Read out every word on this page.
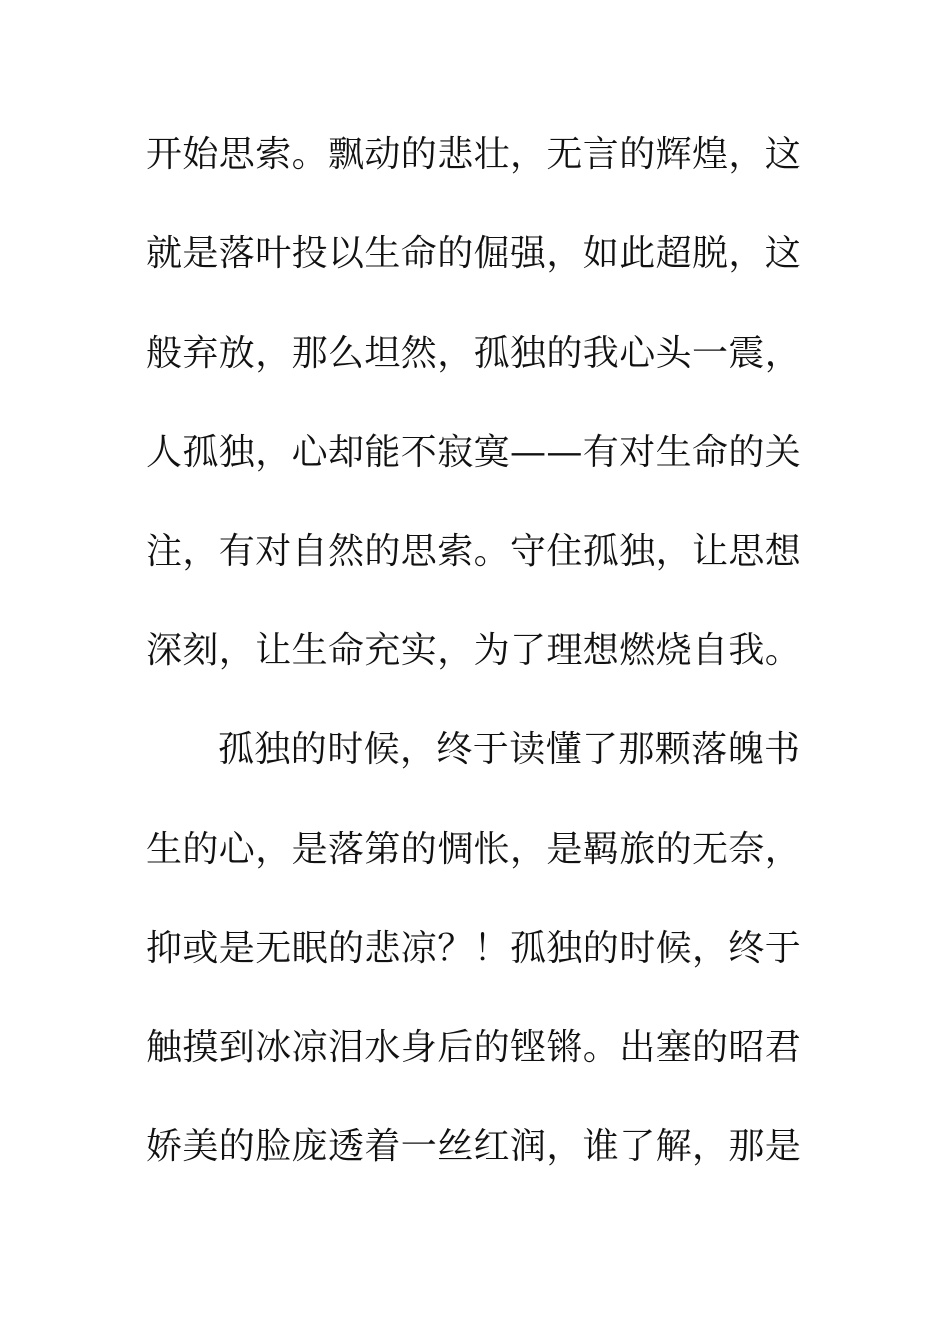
开始思索。飘动的悲壮，无言的辉煌，这
就是落叶投以生命的倔强，如此超脱，这
般弃放，那么坦然，孤独的我心头一震，
人孤独，心却能不寂寞——有对生命的关
注，有对自然的思索。守住孤独，让思想
深刻，让生命充实，为了理想燃烧自我。
孤独的时候，终于读懂了那颗落魄书
生的心，是落第的惆怅，是羁旅的无奈，
抑或是无眠的悲凉？！孤独的时候，终于
触摸到冰凉泪水身后的铿锵。出塞的昭君
娇美的脸庞透着一丝红润，谁了解，那是
